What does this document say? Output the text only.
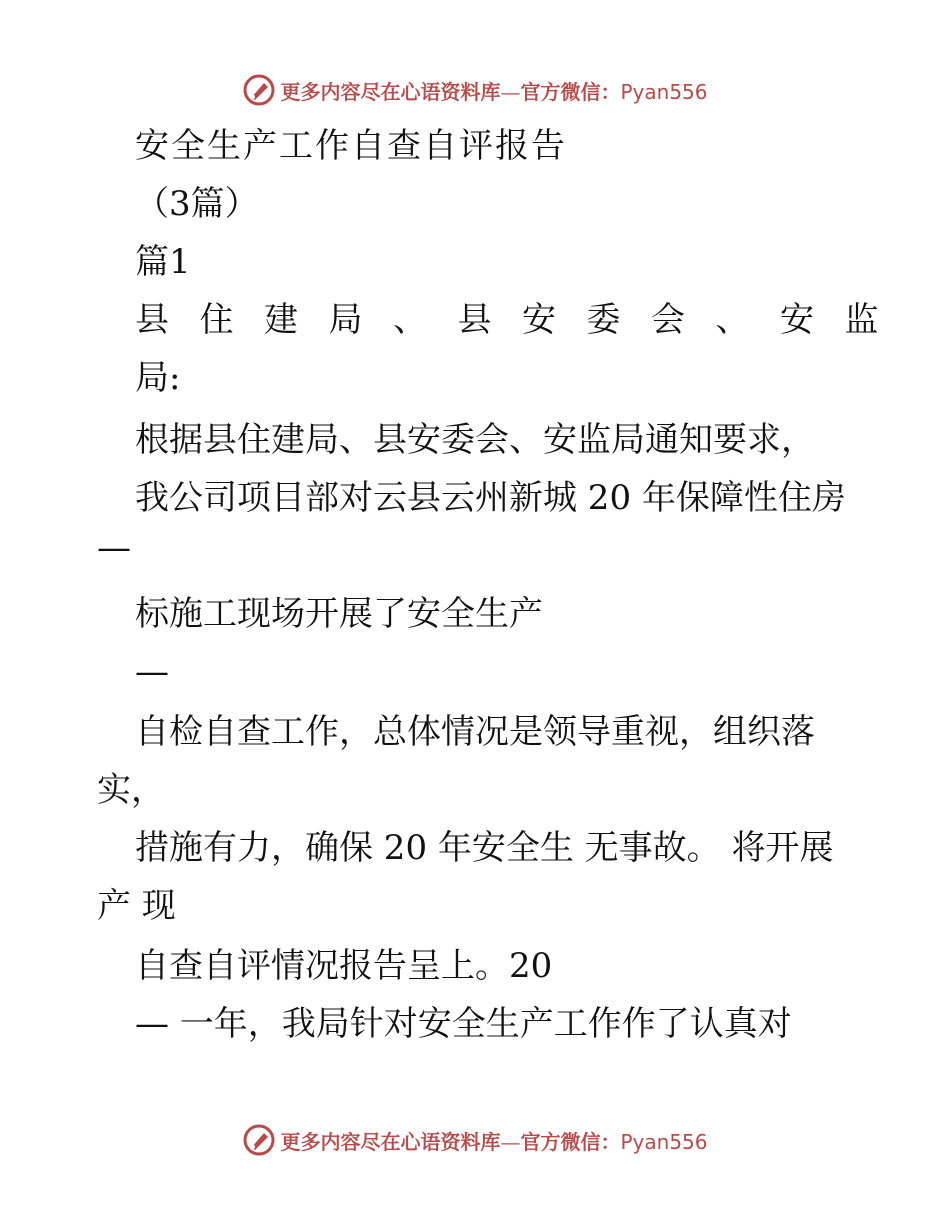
更多内容尽在心语资料库—官方微信：Pyan556
安全生产工作自查自评报告
（3篇）
篇1
县住建局、县安委会、安监
局:
根据县住建局、县安委会、安监局通知要求，
我公司项目部对云县云州新城 20 年保障性住房
—
标施工现场开展了安全生产
—
自检自查工作，总体情况是领导重视，组织落
实，
措施有力，确保 20 年安全生 无事故。 将开展
产 现
自查自评情况报告呈上。20
— 一年，我局针对安全生产工作作了认真对
更多内容尽在心语资料库—官方微信：Pyan556
